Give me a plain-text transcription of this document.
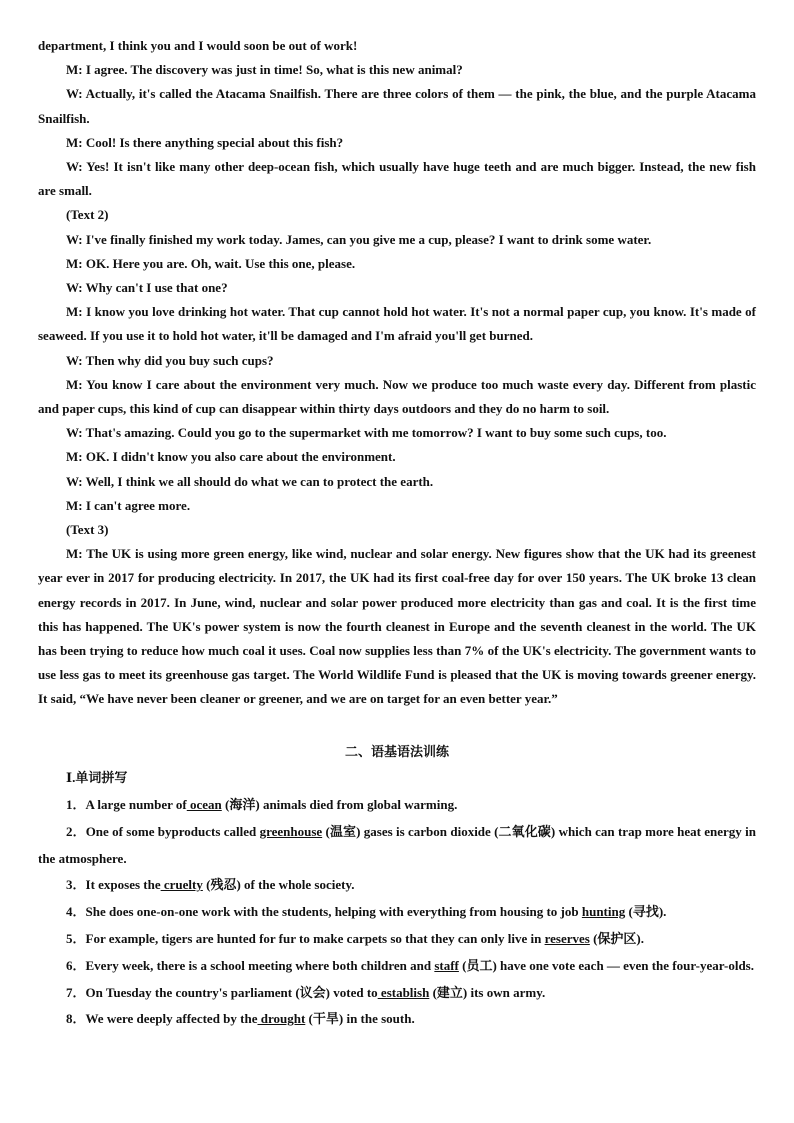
department, I think you and I would soon be out of work!

M: I agree. The discovery was just in time! So, what is this new animal?

W: Actually, it's called the Atacama Snailfish. There are three colors of them — the pink, the blue, and the purple Atacama Snailfish.

M: Cool! Is there anything special about this fish?

W: Yes! It isn't like many other deep-ocean fish, which usually have huge teeth and are much bigger. Instead, the new fish are small.

(Text 2)

W: I've finally finished my work today. James, can you give me a cup, please? I want to drink some water.

M: OK. Here you are. Oh, wait. Use this one, please.

W: Why can't I use that one?

M: I know you love drinking hot water. That cup cannot hold hot water. It's not a normal paper cup, you know. It's made of seaweed. If you use it to hold hot water, it'll be damaged and I'm afraid you'll get burned.

W: Then why did you buy such cups?

M: You know I care about the environment very much. Now we produce too much waste every day. Different from plastic and paper cups, this kind of cup can disappear within thirty days outdoors and they do no harm to soil.

W: That's amazing. Could you go to the supermarket with me tomorrow? I want to buy some such cups, too.

M: OK. I didn't know you also care about the environment.

W: Well, I think we all should do what we can to protect the earth.

M: I can't agree more.

(Text 3)

M: The UK is using more green energy, like wind, nuclear and solar energy. New figures show that the UK had its greenest year ever in 2017 for producing electricity. In 2017, the UK had its first coal-free day for over 150 years. The UK broke 13 clean energy records in 2017. In June, wind, nuclear and solar power produced more electricity than gas and coal. It is the first time this has happened. The UK's power system is now the fourth cleanest in Europe and the seventh cleanest in the world. The UK has been trying to reduce how much coal it uses. Coal now supplies less than 7% of the UK's electricity. The government wants to use less gas to meet its greenhouse gas target. The World Wildlife Fund is pleased that the UK is moving towards greener energy. It said, “We have never been cleaner or greener, and we are on target for an even better year.”

二、语基语法训练

Ⅰ.单词拼写

1．A large number of ocean (海洋) animals died from global warming.

2．One of some byproducts called greenhouse (温室) gases is carbon dioxide (二氧化碳) which can trap more heat energy in the atmosphere.

3．It exposes the cruelty (残忍) of the whole society.

4．She does one-on-one work with the students, helping with everything from housing to job hunting (寻找).

5．For example, tigers are hunted for fur to make carpets so that they can only live in reserves (保护区).

6．Every week, there is a school meeting where both children and staff (员工) have one vote each — even the four-year-olds.

7．On Tuesday the country's parliament (议会) voted to establish (建立) its own army.

8．We were deeply affected by the drought (干旱) in the south.
